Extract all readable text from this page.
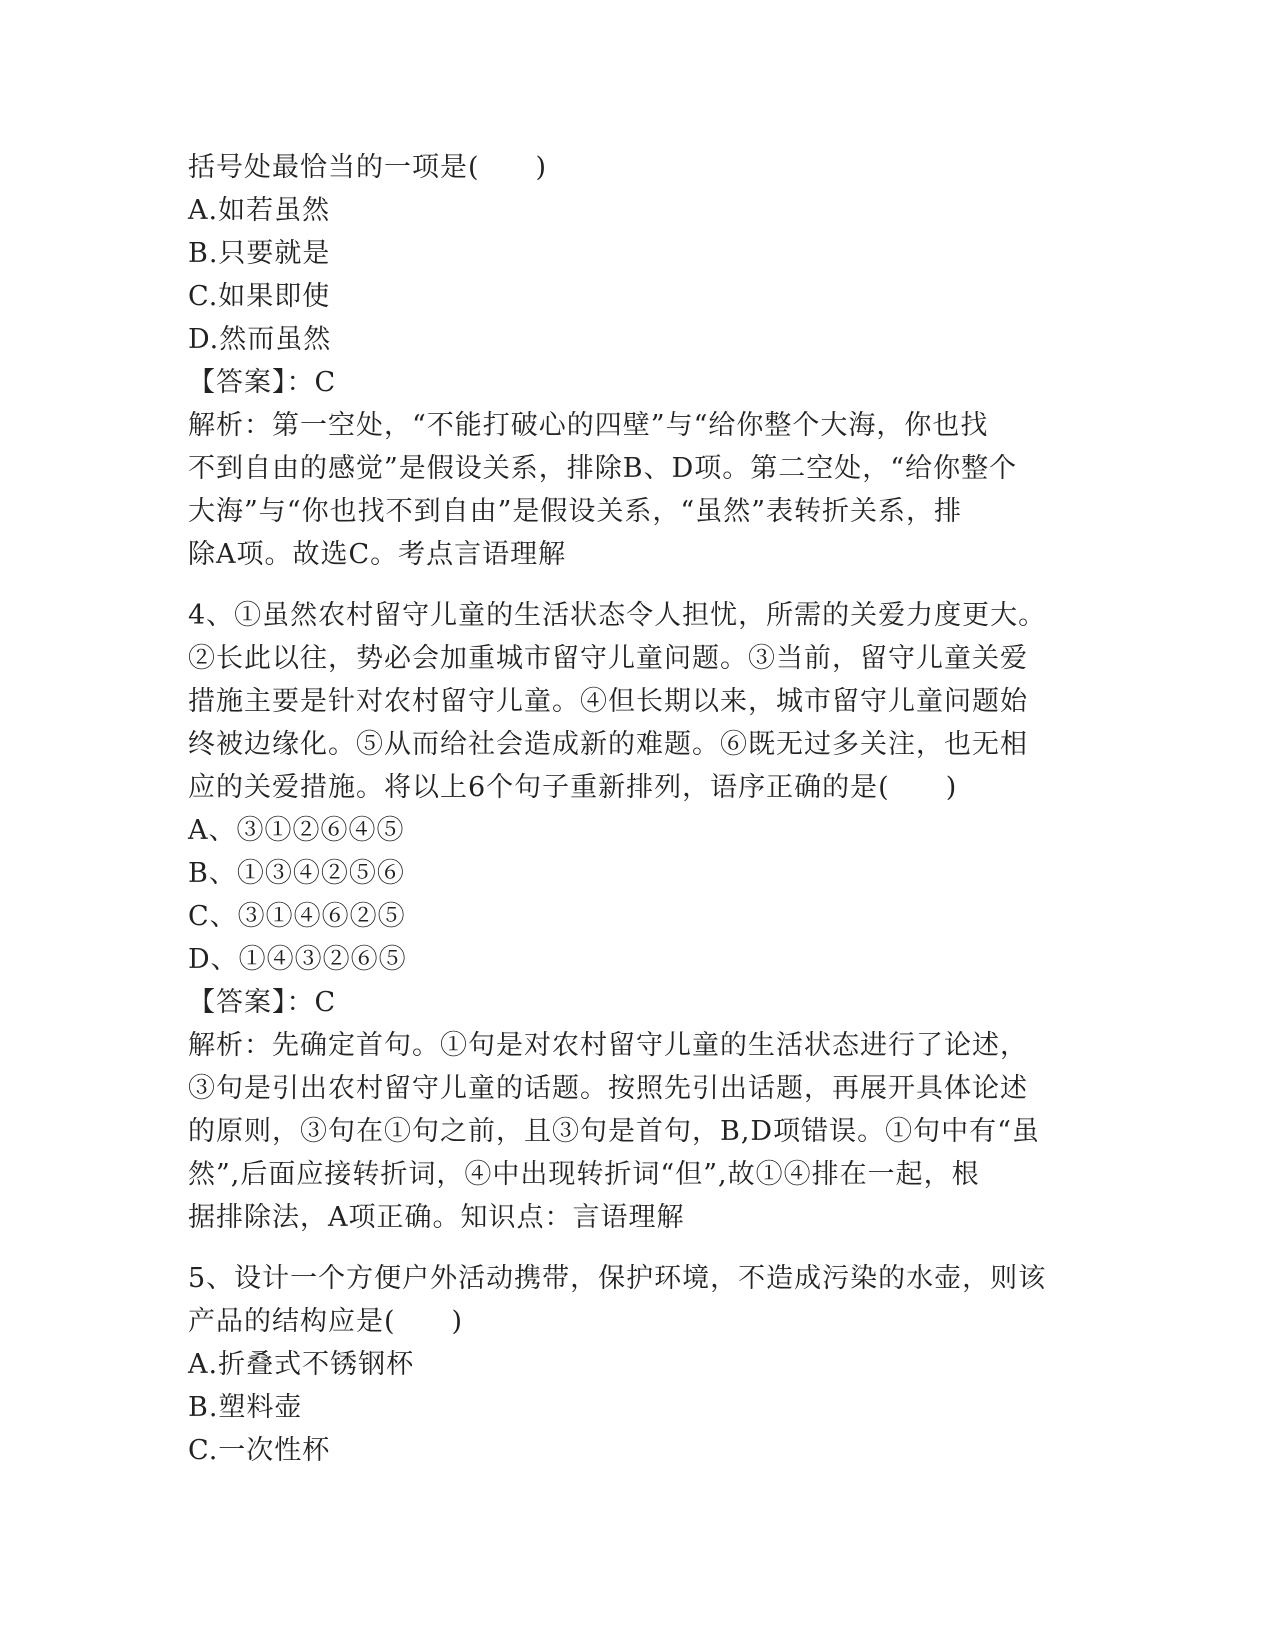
括号处最恰当的一项是(　　)
A.如若虽然
B.只要就是
C.如果即使
D.然而虽然
【答案】：C
解析：第一空处，“不能打破心的四壁”与“给你整个大海，你也找
不到自由的感觉”是假设关系，排除B、D项。第二空处，“给你整个
大海”与“你也找不到自由”是假设关系，“虽然”表转折关系，排
除A项。故选C。考点言语理解
4、①虽然农村留守儿童的生活状态令人担忧，所需的关爱力度更大。
②长此以往，势必会加重城市留守儿童问题。③当前，留守儿童关爱
措施主要是针对农村留守儿童。④但长期以来，城市留守儿童问题始
终被边缘化。⑤从而给社会造成新的难题。⑥既无过多关注，也无相
应的关爱措施。将以上6个句子重新排列，语序正确的是(　　)
A、③①②⑥④⑤
B、①③④②⑤⑥
C、③①④⑥②⑤
D、①④③②⑥⑤
【答案】：C
解析：先确定首句。①句是对农村留守儿童的生活状态进行了论述，
③句是引出农村留守儿童的话题。按照先引出话题，再展开具体论述
的原则，③句在①句之前，且③句是首句，B,D项错误。①句中有“虽
然”,后面应接转折词，④中出现转折词“但”,故①④排在一起，根
据排除法，A项正确。知识点：言语理解
5、设计一个方便户外活动携带，保护环境，不造成污染的水壶，则该
产品的结构应是(　　)
A.折叠式不锈钢杯
B.塑料壶
C.一次性杯
